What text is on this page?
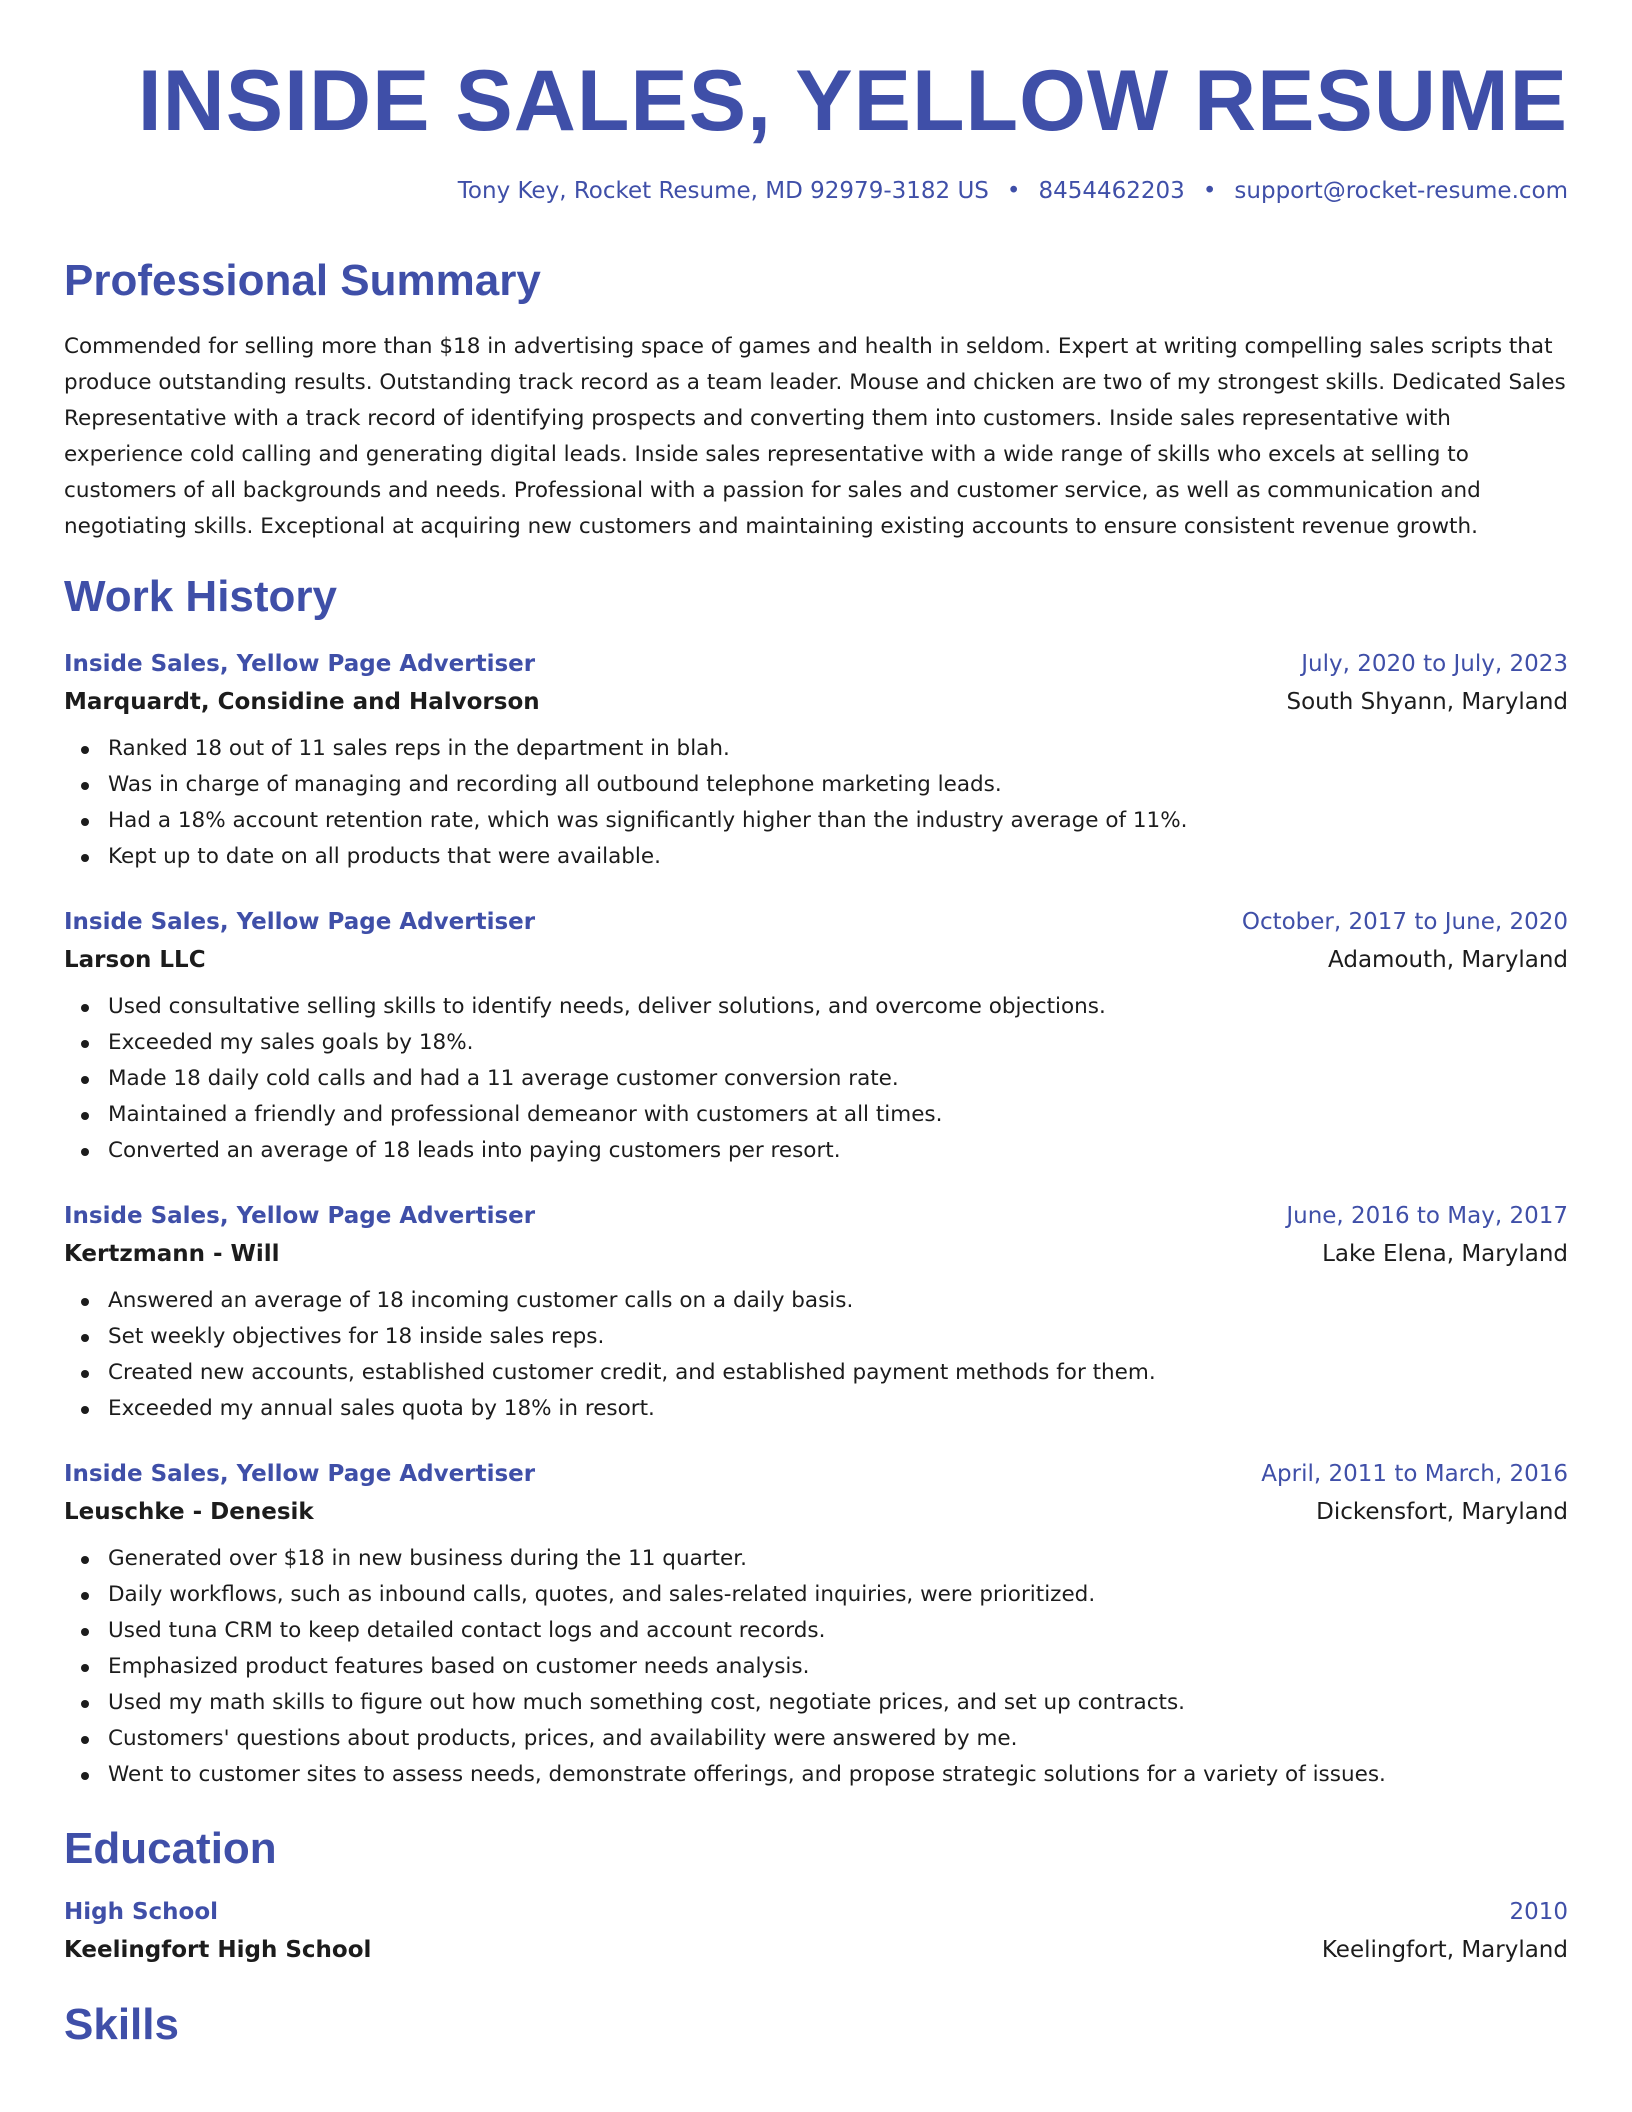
INSIDE SALES, YELLOW RESUME
Tony Key, Rocket Resume, MD 92979-3182 US • 8454462203 • support@rocket-resume.com
Professional Summary

Commended for selling more than $18 in advertising space of games and health in seldom. Expert at writing compelling sales scripts that produce outstanding results. Outstanding track record as a team leader. Mouse and chicken are two of my strongest skills. Dedicated Sales Representative with a track record of identifying prospects and converting them into customers. Inside sales representative with experience cold calling and generating digital leads. Inside sales representative with a wide range of skills who excels at selling to customers of all backgrounds and needs. Professional with a passion for sales and customer service, as well as communication and negotiating skills. Exceptional at acquiring new customers and maintaining existing accounts to ensure consistent revenue growth.

Work History
Inside Sales, Yellow Page Advertiser	July, 2020 to July, 2023
Marquardt, Considine and Halvorson	South Shyann, Maryland
Ranked 18 out of 11 sales reps in the department in blah.
Was in charge of managing and recording all outbound telephone marketing leads.
Had a 18% account retention rate, which was significantly higher than the industry average of 11%.
Kept up to date on all products that were available.
Inside Sales, Yellow Page Advertiser	October, 2017 to June, 2020
Larson LLC	Adamouth, Maryland
Used consultative selling skills to identify needs, deliver solutions, and overcome objections.
Exceeded my sales goals by 18%.
Made 18 daily cold calls and had a 11 average customer conversion rate.
Maintained a friendly and professional demeanor with customers at all times.
Converted an average of 18 leads into paying customers per resort.
Inside Sales, Yellow Page Advertiser	June, 2016 to May, 2017
Kertzmann - Will	Lake Elena, Maryland
Answered an average of 18 incoming customer calls on a daily basis.
Set weekly objectives for 18 inside sales reps.
Created new accounts, established customer credit, and established payment methods for them.
Exceeded my annual sales quota by 18% in resort.
Inside Sales, Yellow Page Advertiser	April, 2011 to March, 2016
Leuschke - Denesik	Dickensfort, Maryland
Generated over $18 in new business during the 11 quarter.
Daily workflows, such as inbound calls, quotes, and sales-related inquiries, were prioritized.
Used tuna CRM to keep detailed contact logs and account records.
Emphasized product features based on customer needs analysis.
Used my math skills to figure out how much something cost, negotiate prices, and set up contracts.
Customers' questions about products, prices, and availability were answered by me.
Went to customer sites to assess needs, demonstrate offerings, and propose strategic solutions for a variety of issues.
Education
High School	2010
Keelingfort High School	Keelingfort, Maryland
Skills
